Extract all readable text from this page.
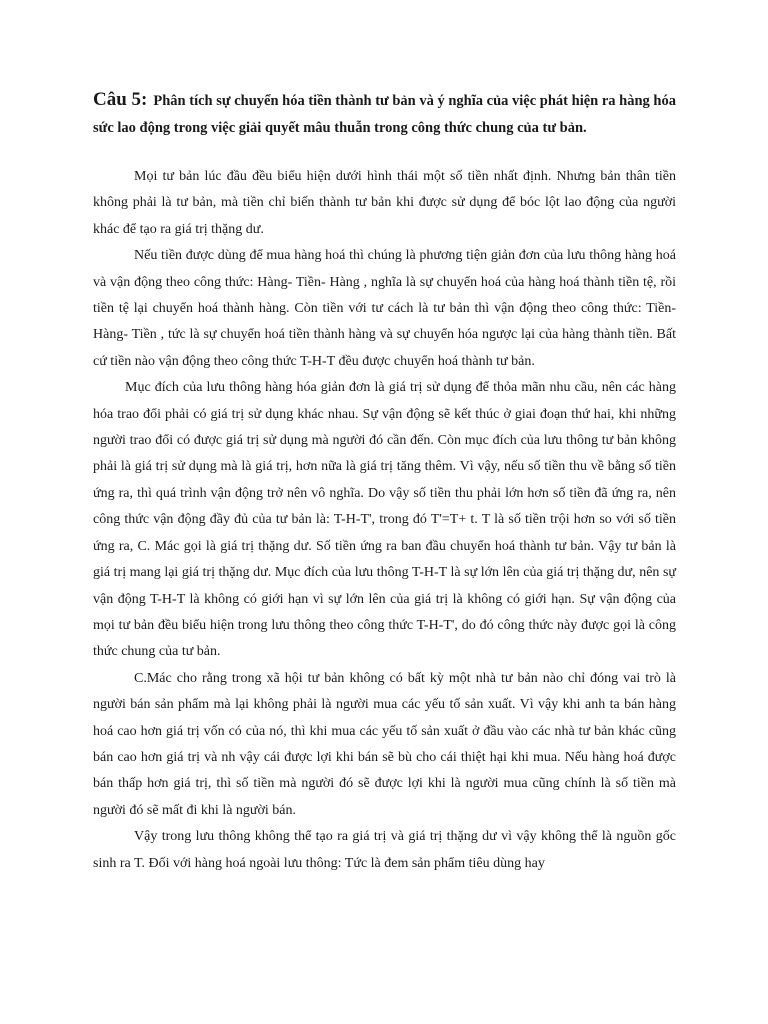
Câu 5: Phân tích sự chuyển hóa tiền thành tư bản và ý nghĩa của việc phát hiện ra hàng hóa sức lao động trong việc giải quyết mâu thuẫn trong công thức chung của tư bản.

Mọi tư bản lúc đầu đều biểu hiện dưới hình thái một số tiền nhất định. Nhưng bản thân tiền không phải là tư bản, mà tiền chỉ biến thành tư bản khi được sử dụng để bóc lột lao động của người khác để tạo ra giá trị thặng dư.

Nếu tiền được dùng để mua hàng hoá thì chúng là phương tiện giản đơn của lưu thông hàng hoá và vận động theo công thức: Hàng- Tiền- Hàng , nghĩa là sự chuyển hoá của hàng hoá thành tiền tệ, rồi tiền tệ lại chuyển hoá thành hàng. Còn tiền với tư cách là tư bản thì vận động theo công thức: Tiền- Hàng- Tiền , tức là sự chuyển hoá tiền thành hàng và sự chuyển hóa ngược lại của hàng thành tiền. Bất cứ tiền nào vận động theo công thức T-H-T đều được chuyển hoá thành tư bản.

Mục đích của lưu thông hàng hóa giản đơn là giá trị sử dụng để thỏa mãn nhu cầu, nên các hàng hóa trao đổi phải có giá trị sử dụng khác nhau. Sự vận động sẽ kết thúc ở giai đoạn thứ hai, khi những người trao đổi có được giá trị sử dụng mà người đó cần đến. Còn mục đích của lưu thông tư bản không phải là giá trị sử dụng mà là giá trị, hơn nữa là giá trị tăng thêm. Vì vậy, nếu số tiền thu về bằng số tiền ứng ra, thì quá trình vận động trở nên vô nghĩa. Do vậy số tiền thu phải lớn hơn số tiền đã ứng ra, nên công thức vận động đầy đủ của tư bản là: T-H-T', trong đó T'=T+ t. T là số tiền trội hơn so với số tiền ứng ra, C. Mác gọi là giá trị thặng dư. Số tiền ứng ra ban đầu chuyển hoá thành tư bản. Vậy tư bản là giá trị mang lại giá trị thặng dư. Mục đích của lưu thông T-H-T là sự lớn lên của giá trị thặng dư, nên sự vận động T-H-T là không có giới hạn vì sự lớn lên của giá trị là không có giới hạn. Sự vận động của mọi tư bản đều biểu hiện trong lưu thông theo công thức T-H-T', do đó công thức này được gọi là công thức chung của tư bản.

C.Mác cho rằng trong xã hội tư bản không có bất kỳ một nhà tư bản nào chỉ đóng vai trò là người bán sản phẩm mà lại không phải là người mua các yếu tố sản xuất. Vì vậy khi anh ta bán hàng hoá cao hơn giá trị vốn có của nó, thì khi mua các yếu tố sản xuất ở đầu vào các nhà tư bản khác cũng bán cao hơn giá trị và nh vậy cái được lợi khi bán sẽ bù cho cái thiệt hại khi mua. Nếu hàng hoá được bán thấp hơn giá trị, thì số tiền mà người đó sẽ được lợi khi là người mua cũng chính là số tiền mà người đó sẽ mất đi khi là người bán.

Vậy trong lưu thông không thể tạo ra giá trị và giá trị thặng dư vì vậy không thể là nguồn gốc sinh ra T. Đối với hàng hoá ngoài lưu thông: Tức là đem sản phẩm tiêu dùng hay
